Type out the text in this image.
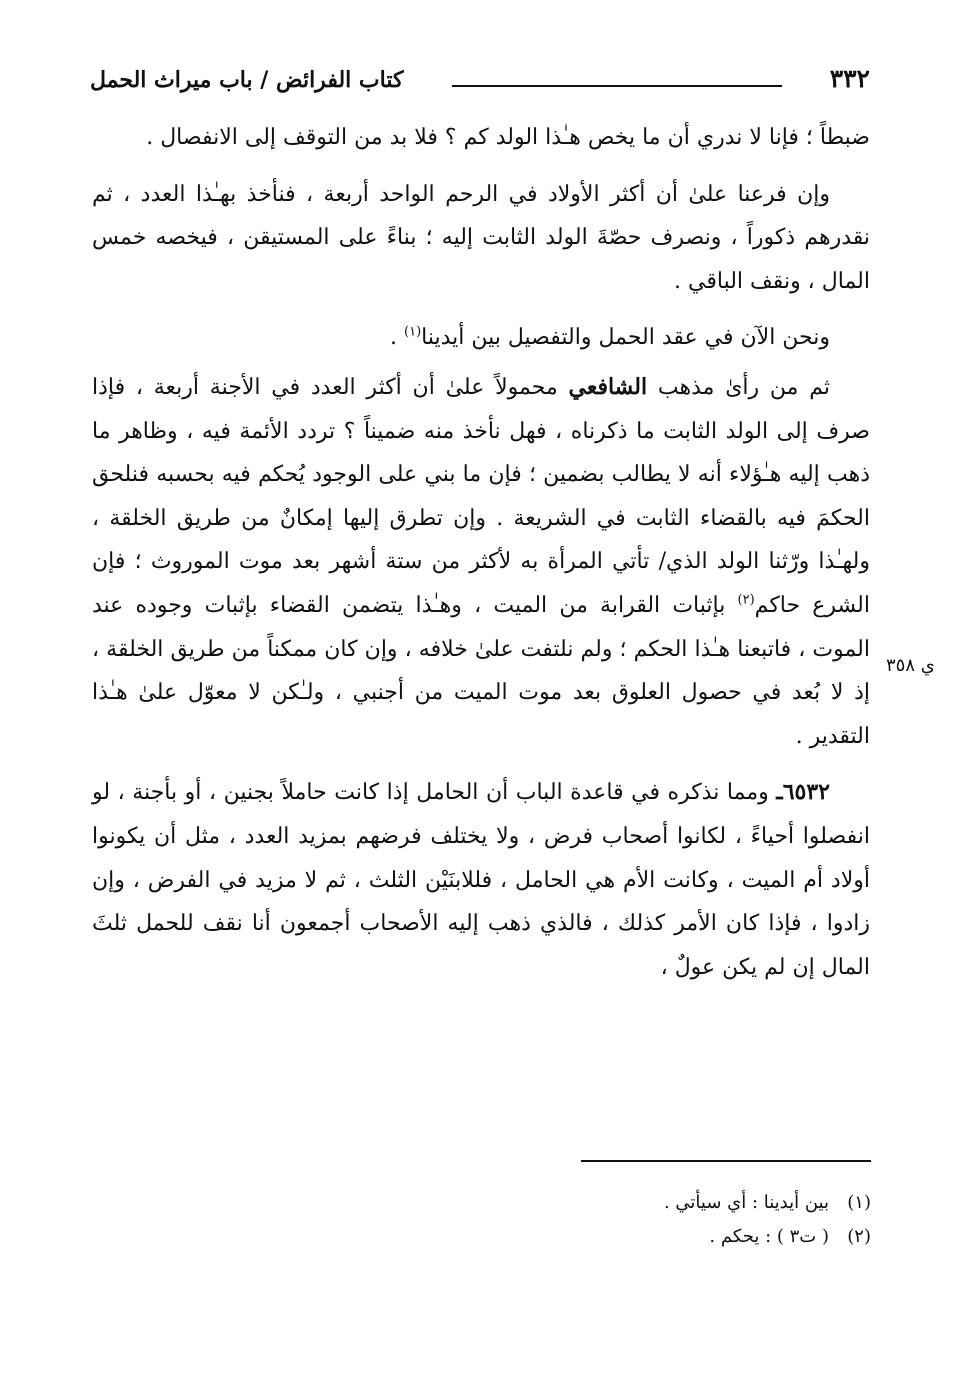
٣٣٢
كتاب الفرائض / باب ميراث الحمل

ضبطاً ؛ فإنا لا ندري أن ما يخص هـٰذا الولد كم ؟ فلا بد من التوقف إلى الانفصال .

وإن فرعنا علىٰ أن أكثر الأولاد في الرحم الواحد أربعة ، فنأخذ بهـٰذا العدد ، ثم نقدرهم ذكوراً ، ونصرف حصّةَ الولد الثابت إليه ؛ بناءً على المستيقن ، فيخصه خمس المال ، ونقف الباقي .

ونحن الآن في عقد الحمل والتفصيل بين أيدينا$^{(١)}$ .

ثم من رأىٰ مذهب الشافعي محمولاً علىٰ أن أكثر العدد في الأجنة أربعة ، فإذا صرف إلى الولد الثابت ما ذكرناه ، فهل نأخذ منه ضميناً ؟ تردد الأئمة فيه ، وظاهر ما ذهب إليه هـٰؤلاء أنه لا يطالب بضمين ؛ فإن ما بني على الوجود يُحكم فيه بحسبه فنلحق الحكمَ فيه بالقضاء الثابت في الشريعة . وإن تطرق إليها إمكانٌ من طريق الخلقة ، ولهـٰذا ورّثنا الولد الذي/ تأتي المرأة به لأكثر من ستة أشهر بعد موت الموروث ؛ فإن الشرع حاكم$^{(٢)}$ بإثبات القرابة من الميت ، وهـٰذا يتضمن القضاء بإثبات وجوده عند الموت ، فاتبعنا هـٰذا الحكم ؛ ولم نلتفت علىٰ خلافه ، وإن كان ممكناً من طريق الخلقة ، إذ لا بُعد في حصول العلوق بعد موت الميت من أجنبي ، ولـٰكن لا معوّل علىٰ هـٰذا التقدير .

٦٥٣٢ـ ومما نذكره في قاعدة الباب أن الحامل إذا كانت حاملاً بجنين ، أو بأجنة ، لو انفصلوا أحياءً ، لكانوا أصحاب فرض ، ولا يختلف فرضهم بمزيد العدد ، مثل أن يكونوا أولاد أم الميت ، وكانت الأم هي الحامل ، فللابنَيْن الثلث ، ثم لا مزيد في الفرض ، وإن زادوا ، فإذا كان الأمر كذلك ، فالذي ذهب إليه الأصحاب أجمعون أنا نقف للحمل ثلثَ المال إن لم يكن عولٌ ،

ي ٣٥٨
(١)بين أيدينا : أي سيأتي .
(٢)( ت٣ ) : يحكم .
